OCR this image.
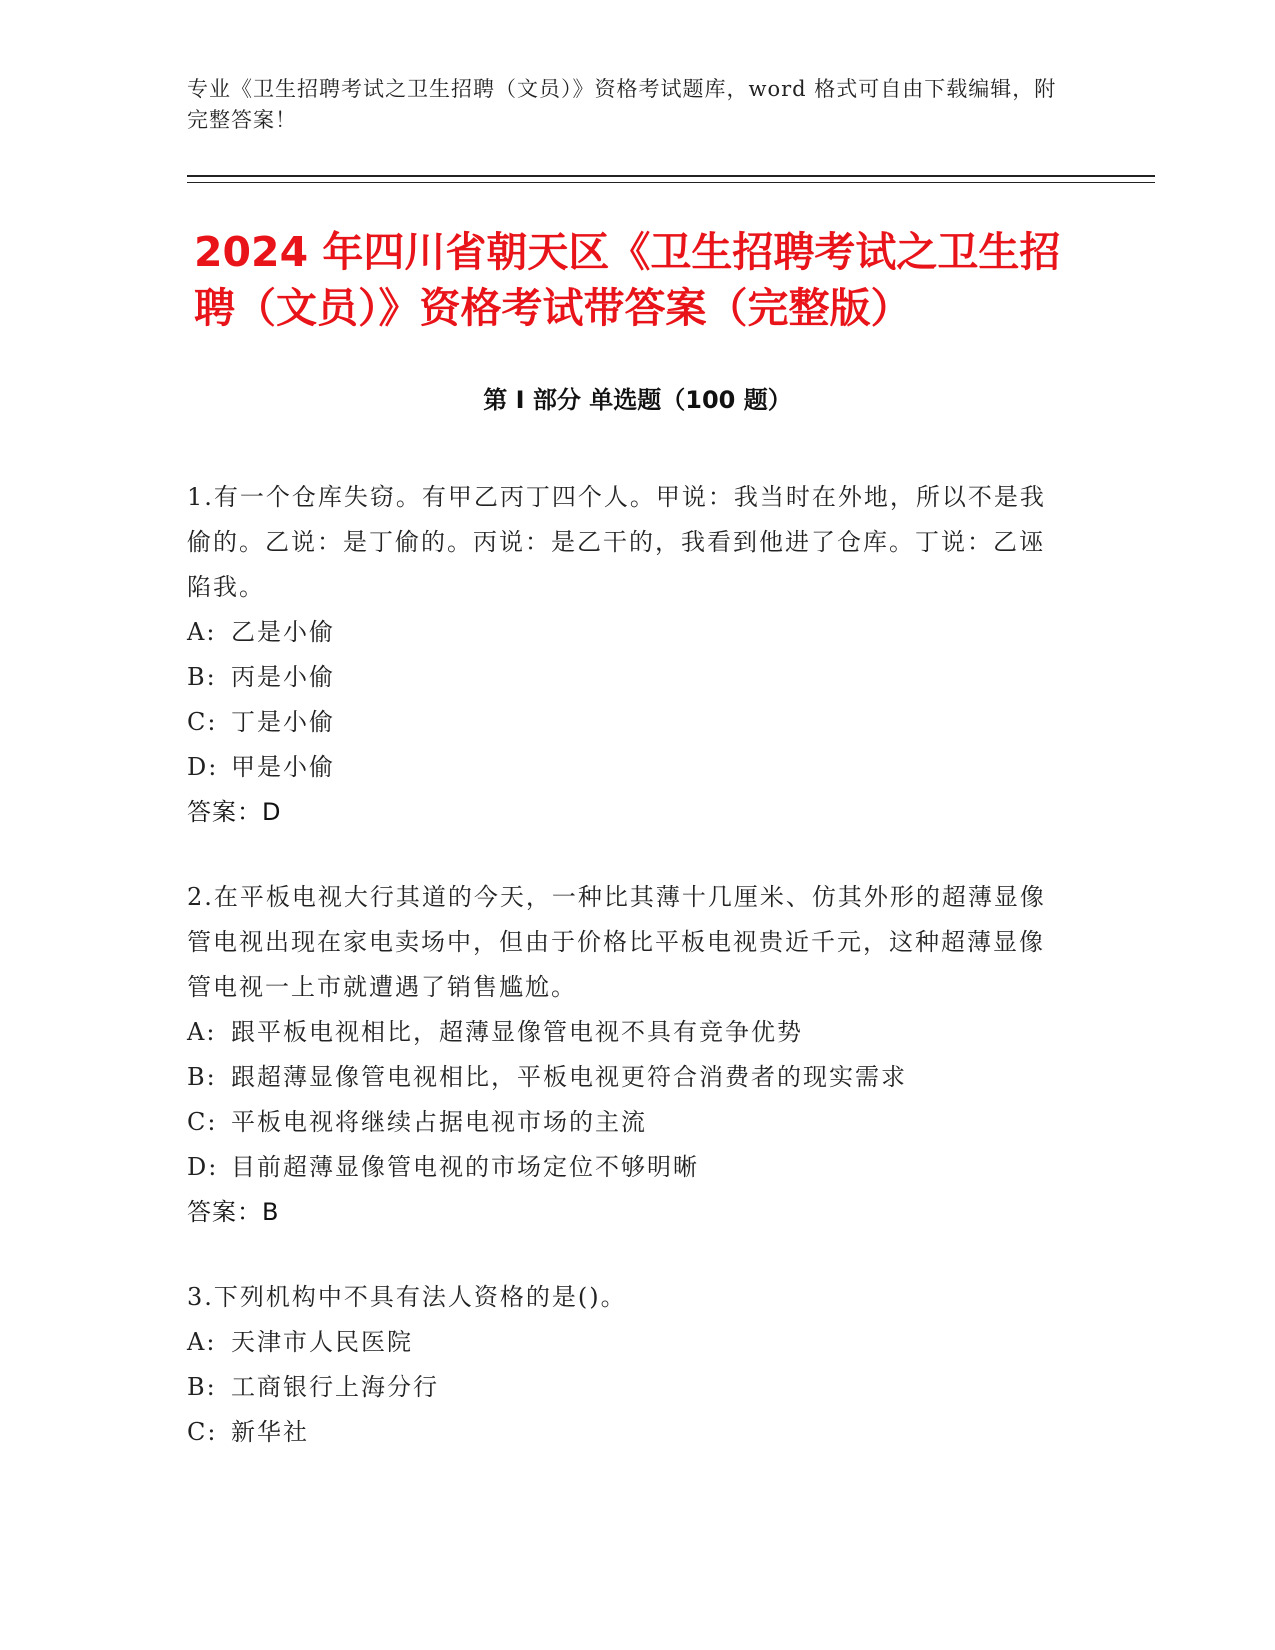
专业《卫生招聘考试之卫生招聘（文员）》资格考试题库，word 格式可自由下载编辑，附完整答案！
2024 年四川省朝天区《卫生招聘考试之卫生招聘（文员）》资格考试带答案（完整版）
第 I 部分 单选题（100 题）
1.有一个仓库失窃。有甲乙丙丁四个人。甲说：我当时在外地，所以不是我偷的。乙说：是丁偷的。丙说：是乙干的，我看到他进了仓库。丁说：乙诬陷我。
A: 乙是小偷
B: 丙是小偷
C: 丁是小偷
D: 甲是小偷
答案：D
2.在平板电视大行其道的今天，一种比其薄十几厘米、仿其外形的超薄显像管电视出现在家电卖场中，但由于价格比平板电视贵近千元，这种超薄显像管电视一上市就遭遇了销售尴尬。
A: 跟平板电视相比，超薄显像管电视不具有竞争优势
B: 跟超薄显像管电视相比，平板电视更符合消费者的现实需求
C: 平板电视将继续占据电视市场的主流
D: 目前超薄显像管电视的市场定位不够明晰
答案：B
3.下列机构中不具有法人资格的是()。
A: 天津市人民医院
B: 工商银行上海分行
C: 新华社
